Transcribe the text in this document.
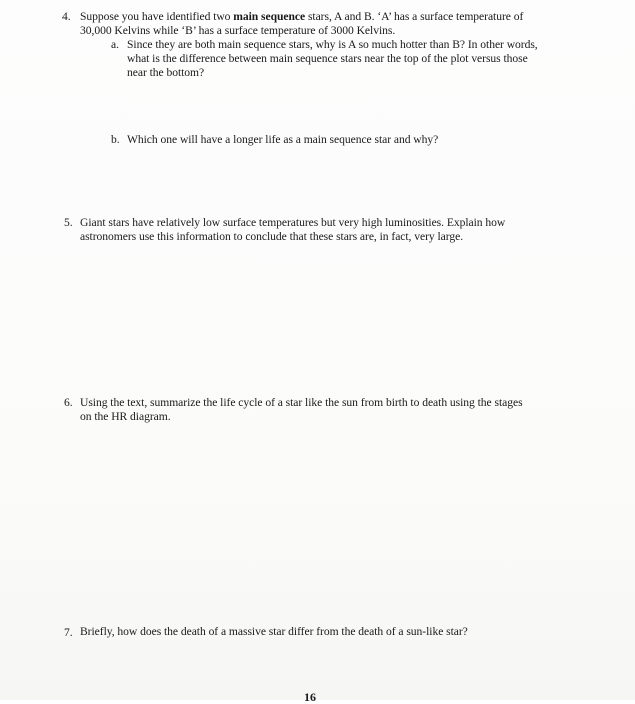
4. Suppose you have identified two main sequence stars, A and B. ‘A’ has a surface temperature of
30,000 Kelvins while ‘B’ has a surface temperature of 3000 Kelvins.
a. Since they are both main sequence stars, why is A so much hotter than B? In other words,
what is the difference between main sequence stars near the top of the plot versus those
near the bottom?
b. Which one will have a longer life as a main sequence star and why?
5. Giant stars have relatively low surface temperatures but very high luminosities. Explain how
astronomers use this information to conclude that these stars are, in fact, very large.
6. Using the text, summarize the life cycle of a star like the sun from birth to death using the stages
on the HR diagram.
7. Briefly, how does the death of a massive star differ from the death of a sun-like star?
16
